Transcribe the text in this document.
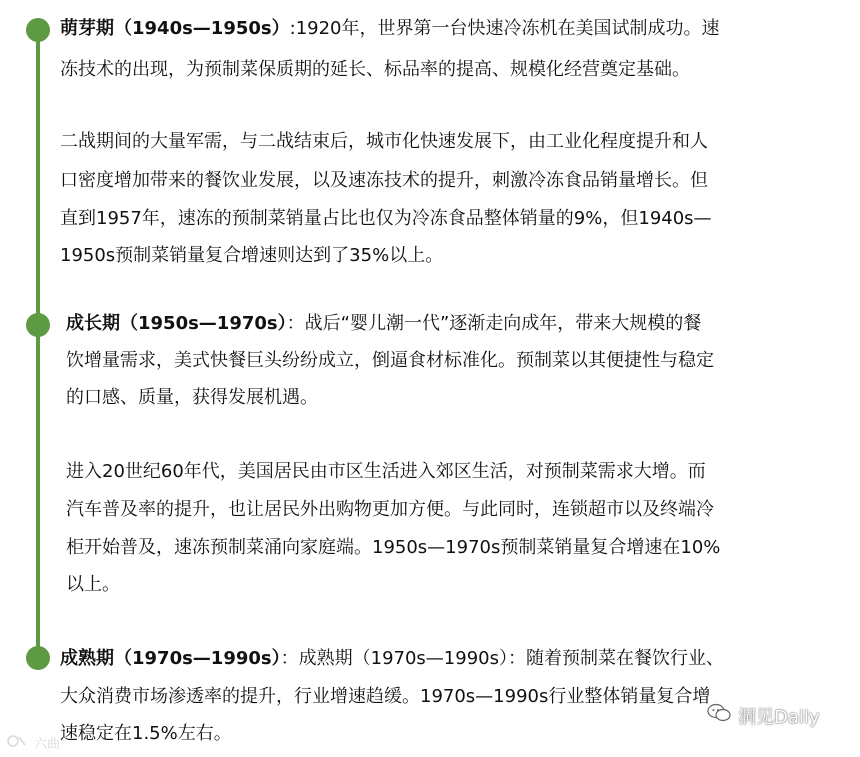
萌芽期（1940s—1950s）:1920年，世界第一台快速冷冻机在美国试制成功。速
冻技术的出现，为预制菜保质期的延长、标品率的提高、规模化经营奠定基础。
二战期间的大量军需，与二战结束后，城市化快速发展下，由工业化程度提升和人
口密度增加带来的餐饮业发展，以及速冻技术的提升，刺激冷冻食品销量增长。但
直到1957年，速冻的预制菜销量占比也仅为冷冻食品整体销量的9%，但1940s—
1950s预制菜销量复合增速则达到了35%以上。
成长期（1950s—1970s）：战后“婴儿潮一代”逐渐走向成年，带来大规模的餐
饮增量需求，美式快餐巨头纷纷成立，倒逼食材标准化。预制菜以其便捷性与稳定
的口感、质量，获得发展机遇。
进入20世纪60年代，美国居民由市区生活进入郊区生活，对预制菜需求大增。而
汽车普及率的提升，也让居民外出购物更加方便。与此同时，连锁超市以及终端冷
柜开始普及，速冻预制菜涌向家庭端。1950s—1970s预制菜销量复合增速在10%
以上。
成熟期（1970s—1990s）：成熟期（1970s—1990s）：随着预制菜在餐饮行业、
大众消费市场渗透率的提升，行业增速趋缓。1970s—1990s行业整体销量复合增
速稳定在1.5%左右。
六曲
洞见Daily
